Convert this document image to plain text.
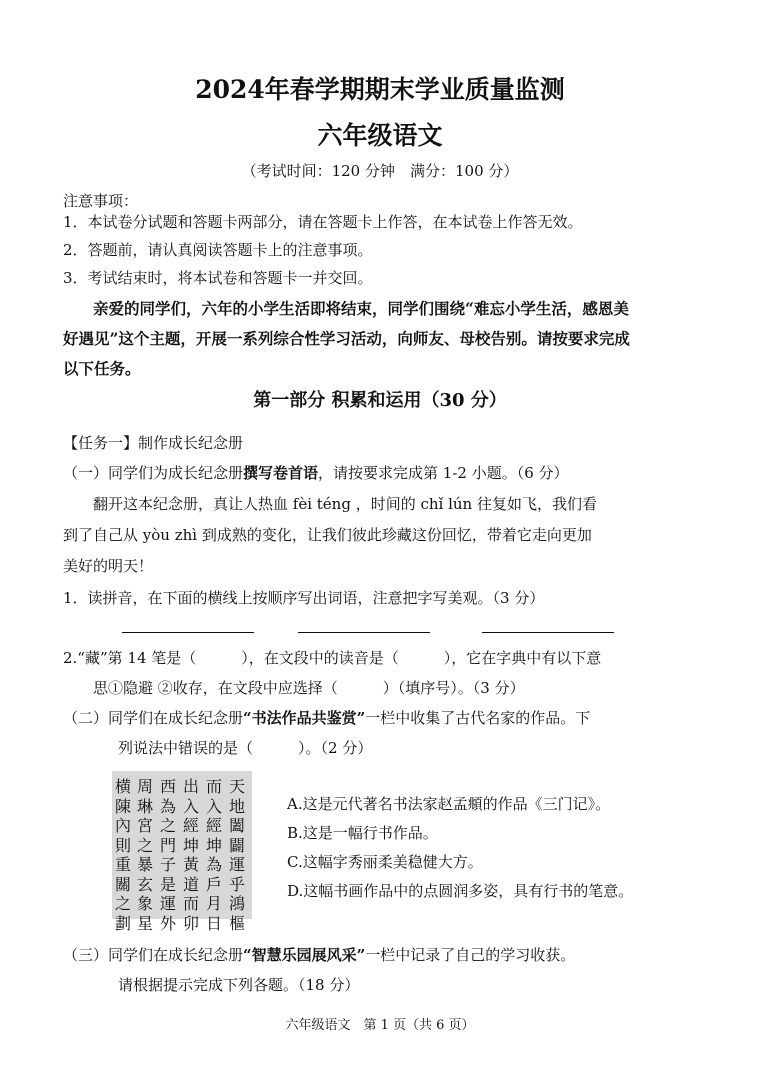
2024年春学期期末学业质量监测
六年级语文
（考试时间：120 分钟　满分：100 分）
注意事项：
1．本试卷分试题和答题卡两部分，请在答题卡上作答，在本试卷上作答无效。
2．答题前，请认真阅读答题卡上的注意事项。
3．考试结束时，将本试卷和答题卡一并交回。
亲爱的同学们，六年的小学生活即将结束，同学们围绕“难忘小学生活，感恩美
好遇见”这个主题，开展一系列综合性学习活动，向师友、母校告别。请按要求完成
以下任务。
第一部分 积累和运用（30 分）
【任务一】制作成长纪念册
（一）同学们为成长纪念册撰写卷首语，请按要求完成第 1-2 小题。（6 分）
翻开这本纪念册，真让人热血 fèi téng ，时间的 chǐ lún 往复如飞，我们看
到了自己从 yòu zhì 到成熟的变化，让我们彼此珍藏这份回忆，带着它走向更加
美好的明天！
1．读拼音，在下面的横线上按顺序写出词语，注意把字写美观。（3 分）
2.“藏”第 14 笔是（　　　），在文段中的读音是（　　　），它在字典中有以下意
思①隐避 ②收存，在文段中应选择（　　　）（填序号）。（3 分）
（二）同学们在成长纪念册“书法作品共鉴赏”一栏中收集了古代名家的作品。下
列说法中错误的是（　　　）。（2 分）
天地闔闢運乎鴻樞
而入經坤為戶月日
出入經坤黃道而卯
西為之門子是運外
周琳宮之暴玄象星
横陳內則重關之劃
A.这是元代著名书法家赵孟頫的作品《三门记》。
B.这是一幅行书作品。
C.这幅字秀丽柔美稳健大方。
D.这幅书画作品中的点圆润多姿，具有行书的笔意。
（三）同学们在成长纪念册“智慧乐园展风采”一栏中记录了自己的学习收获。
请根据提示完成下列各题。（18 分）
六年级语文　第 1 页（共 6 页）
